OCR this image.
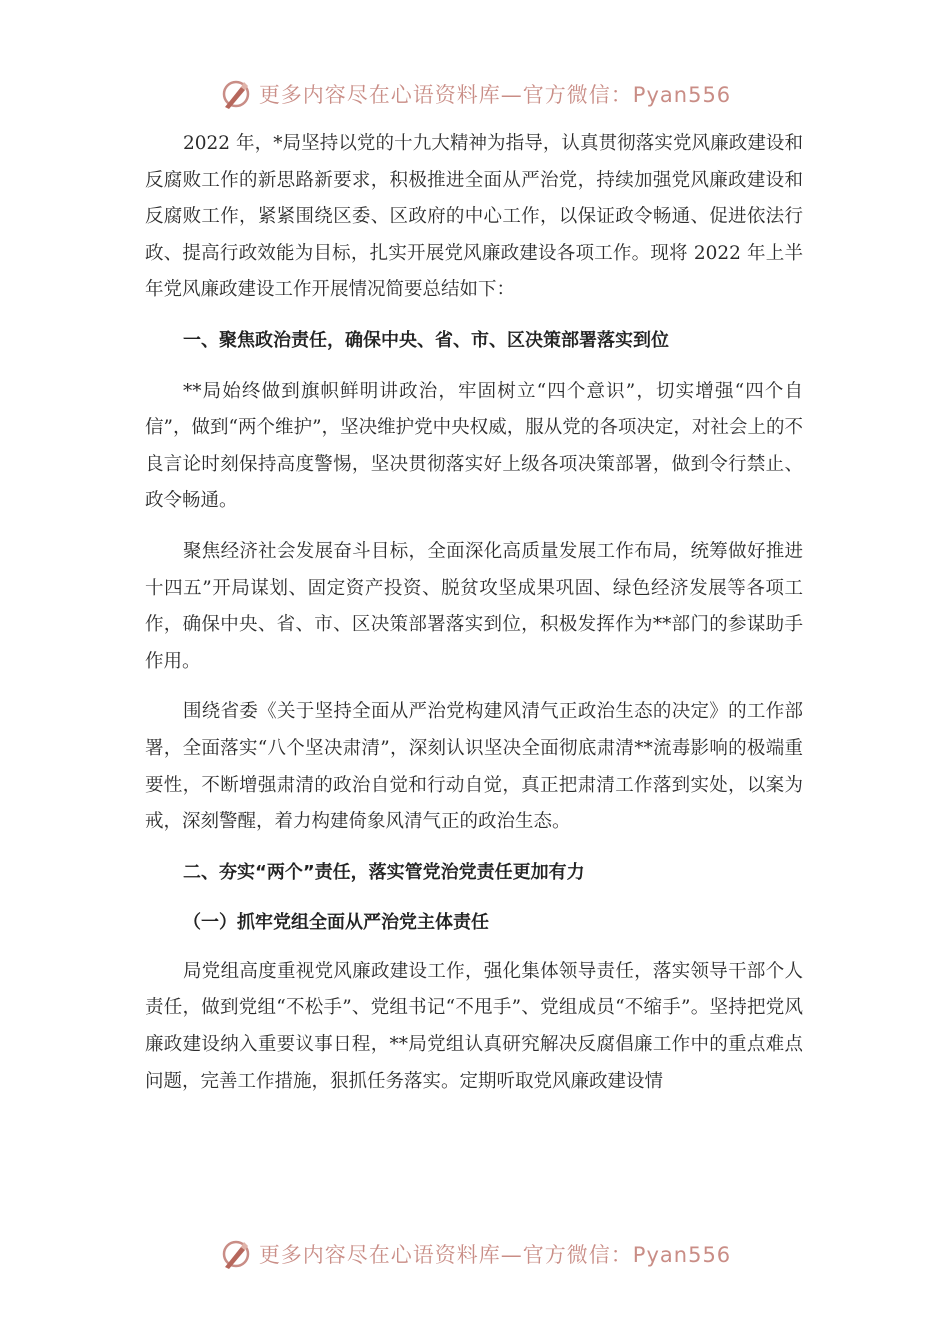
更多内容尽在心语资料库—官方微信：Pyan556

2022 年，*局坚持以党的十九大精神为指导，认真贯彻落实党风廉政建设和反腐败工作的新思路新要求，积极推进全面从严治党，持续加强党风廉政建设和反腐败工作，紧紧围绕区委、区政府的中心工作，以保证政令畅通、促进依法行政、提高行政效能为目标，扎实开展党风廉政建设各项工作。现将 2022 年上半年党风廉政建设工作开展情况简要总结如下：

一、聚焦政治责任，确保中央、省、市、区决策部署落实到位

**局始终做到旗帜鲜明讲政治，牢固树立“四个意识”，切实增强“四个自信”，做到“两个维护”，坚决维护党中央权威，服从党的各项决定，对社会上的不良言论时刻保持高度警惕，坚决贯彻落实好上级各项决策部署，做到令行禁止、政令畅通。

聚焦经济社会发展奋斗目标，全面深化高质量发展工作布局，统筹做好推进十四五”开局谋划、固定资产投资、脱贫攻坚成果巩固、绿色经济发展等各项工作，确保中央、省、市、区决策部署落实到位，积极发挥作为**部门的参谋助手作用。

围绕省委《关于坚持全面从严治党构建风清气正政治生态的决定》的工作部署，全面落实“八个坚决肃清”，深刻认识坚决全面彻底肃清**流毒影响的极端重要性，不断增强肃清的政治自觉和行动自觉，真正把肃清工作落到实处，以案为戒，深刻警醒，着力构建倚象风清气正的政治生态。

二、夯实“两个”责任，落实管党治党责任更加有力

（一）抓牢党组全面从严治党主体责任

局党组高度重视党风廉政建设工作，强化集体领导责任，落实领导干部个人责任，做到党组“不松手”、党组书记“不甩手”、党组成员“不缩手”。坚持把党风廉政建设纳入重要议事日程，**局党组认真研究解决反腐倡廉工作中的重点难点问题，完善工作措施，狠抓任务落实。定期听取党风廉政建设情

更多内容尽在心语资料库—官方微信：Pyan556
